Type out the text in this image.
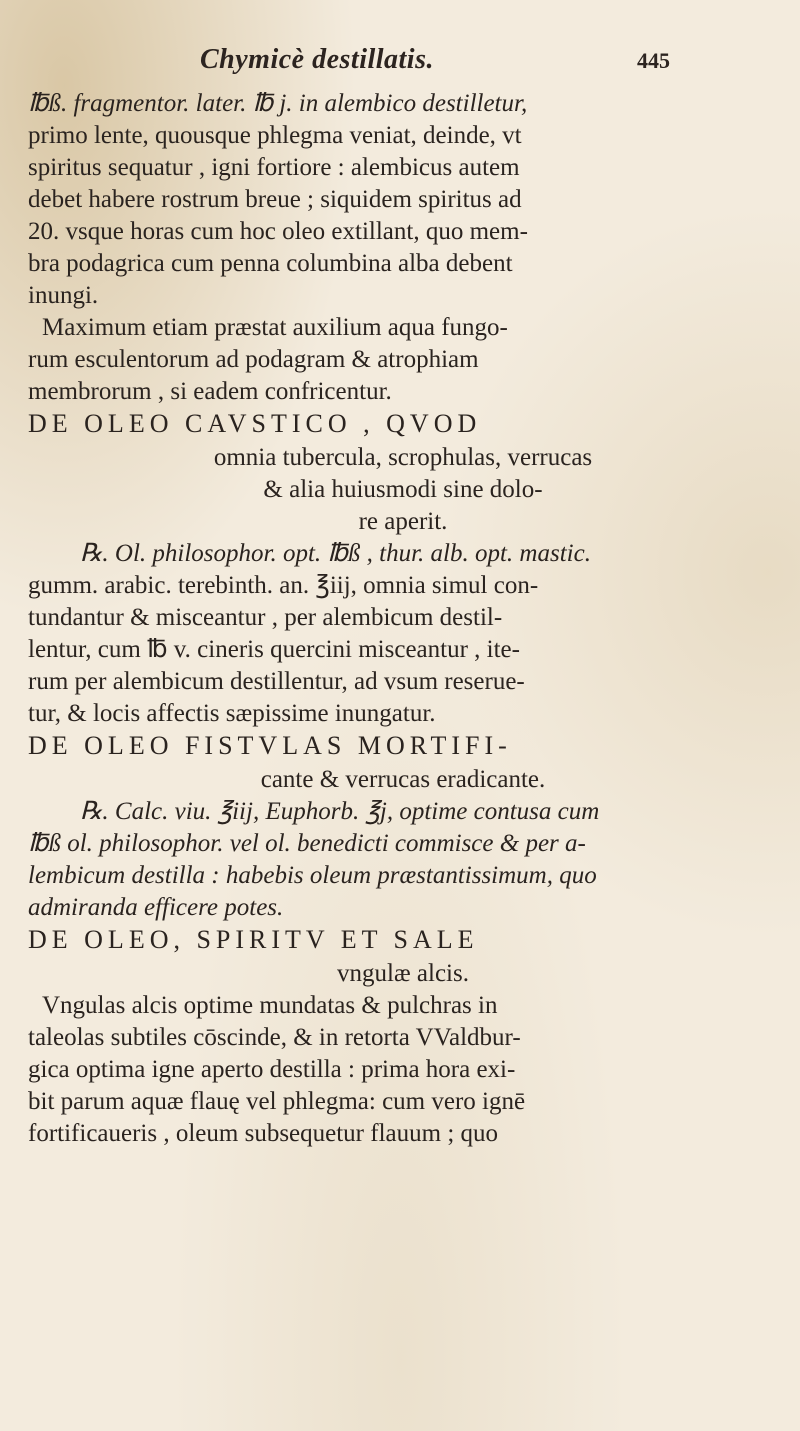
Chymicè destillatis.	445
℔ß. fragmentor. later. ℔ j. in alembico destilletur,
primo lente, quousque phlegma veniat, deinde, vt
spiritus sequatur , igni fortiore : alembicus autem
debet habere rostrum breue ; siquidem spiritus ad
20. vsque horas cum hoc oleo extillant, quo mem-
bra podagrica cum penna columbina alba debent
inungi.
Maximum etiam præstat auxilium aqua fungo-
rum esculentorum ad podagram & atrophiam
membrorum , si eadem confricentur.
DE OLEO CAVSTICO , QVOD
omnia tubercula, scrophulas, verrucas
& alia huiusmodi sine dolo-
re aperit.
℞. Ol. philosophor. opt. ℔ß , thur. alb. opt. mastic.
gumm. arabic. terebinth. an. ℥iij, omnia simul con-
tundantur & misceantur , per alembicum destil-
lentur, cum ℔ v. cineris quercini misceantur , ite-
rum per alembicum destillentur, ad vsum reserue-
tur, & locis affectis sæpissime inungatur.
DE OLEO FISTVLAS MORTIFI-
cante & verrucas eradicante.
℞. Calc. viu. ℥iij, Euphorb. ℥j, optime contusa cum
℔ß ol. philosophor. vel ol. benedicti commisce & per a-
lembicum destilla : habebis oleum præstantissimum, quo
admiranda efficere potes.
DE OLEO, SPIRITV ET SALE
vngulæ alcis.
Vngulas alcis optime mundatas & pulchras in
taleolas subtiles cōscinde, & in retorta VValdbur-
gica optima igne aperto destilla : prima hora exi-
bit parum aquæ flauę vel phlegma: cum vero ignē
fortificaueris , oleum subsequetur flauum ; quo
